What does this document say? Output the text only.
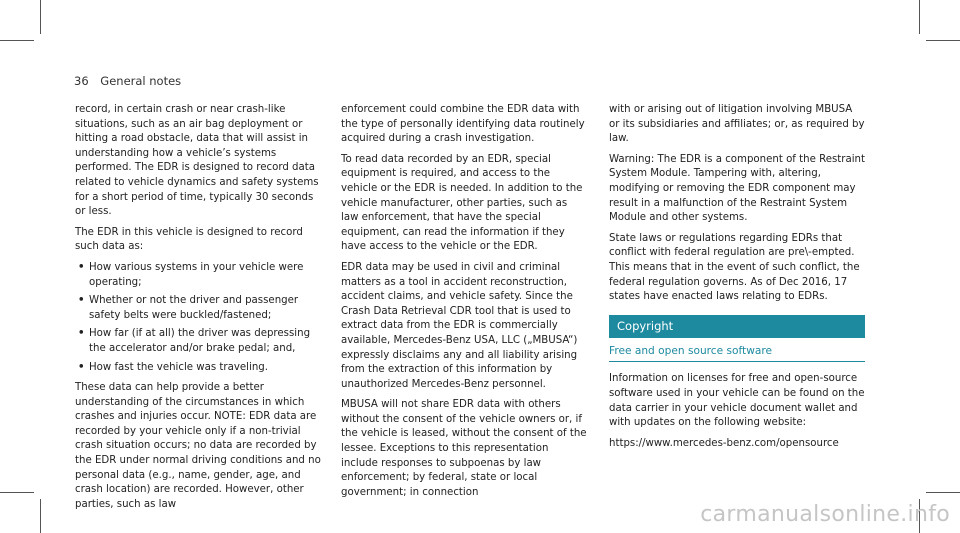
36 General notes

record, in certain crash or near crash-like situations, such as an air bag deployment or hitting a road obstacle, data that will assist in understanding how a vehicle’s systems performed. The EDR is designed to record data related to vehicle dynamics and safety systems for a short period of time, typically 30 seconds or less.

The EDR in this vehicle is designed to record such data as:

• How various systems in your vehicle were operating;
• Whether or not the driver and passenger safety belts were buckled/fastened;
• How far (if at all) the driver was depressing the accelerator and/or brake pedal; and,
• How fast the vehicle was traveling.

These data can help provide a better understanding of the circumstances in which crashes and injuries occur. NOTE: EDR data are recorded by your vehicle only if a non-trivial crash situation occurs; no data are recorded by the EDR under normal driving conditions and no personal data (e.g., name, gender, age, and crash location) are recorded. However, other parties, such as law

enforcement could combine the EDR data with the type of personally identifying data routinely acquired during a crash investigation.

To read data recorded by an EDR, special equipment is required, and access to the vehicle or the EDR is needed. In addition to the vehicle manufacturer, other parties, such as law enforcement, that have the special equipment, can read the information if they have access to the vehicle or the EDR.

EDR data may be used in civil and criminal matters as a tool in accident reconstruction, accident claims, and vehicle safety. Since the Crash Data Retrieval CDR tool that is used to extract data from the EDR is commercially available, Mercedes-Benz USA, LLC („MBUSA“) expressly disclaims any and all liability arising from the extraction of this information by unauthorized Mercedes-Benz personnel.

MBUSA will not share EDR data with others without the consent of the vehicle owners or, if the vehicle is leased, without the consent of the lessee. Exceptions to this representation include responses to subpoenas by law enforcement; by federal, state or local government; in connection

with or arising out of litigation involving MBUSA or its subsidiaries and affiliates; or, as required by law.

Warning: The EDR is a component of the Restraint System Module. Tampering with, altering, modifying or removing the EDR component may result in a malfunction of the Restraint System Module and other systems.

State laws or regulations regarding EDRs that conflict with federal regulation are pre\-empted. This means that in the event of such conflict, the federal regulation governs. As of Dec 2016, 17 states have enacted laws relating to EDRs.

Copyright
Free and open source software

Information on licenses for free and open-source software used in your vehicle can be found on the data carrier in your vehicle document wallet and with updates on the following website:

https://www.mercedes-benz.com/opensource

carmanualsonline.info
